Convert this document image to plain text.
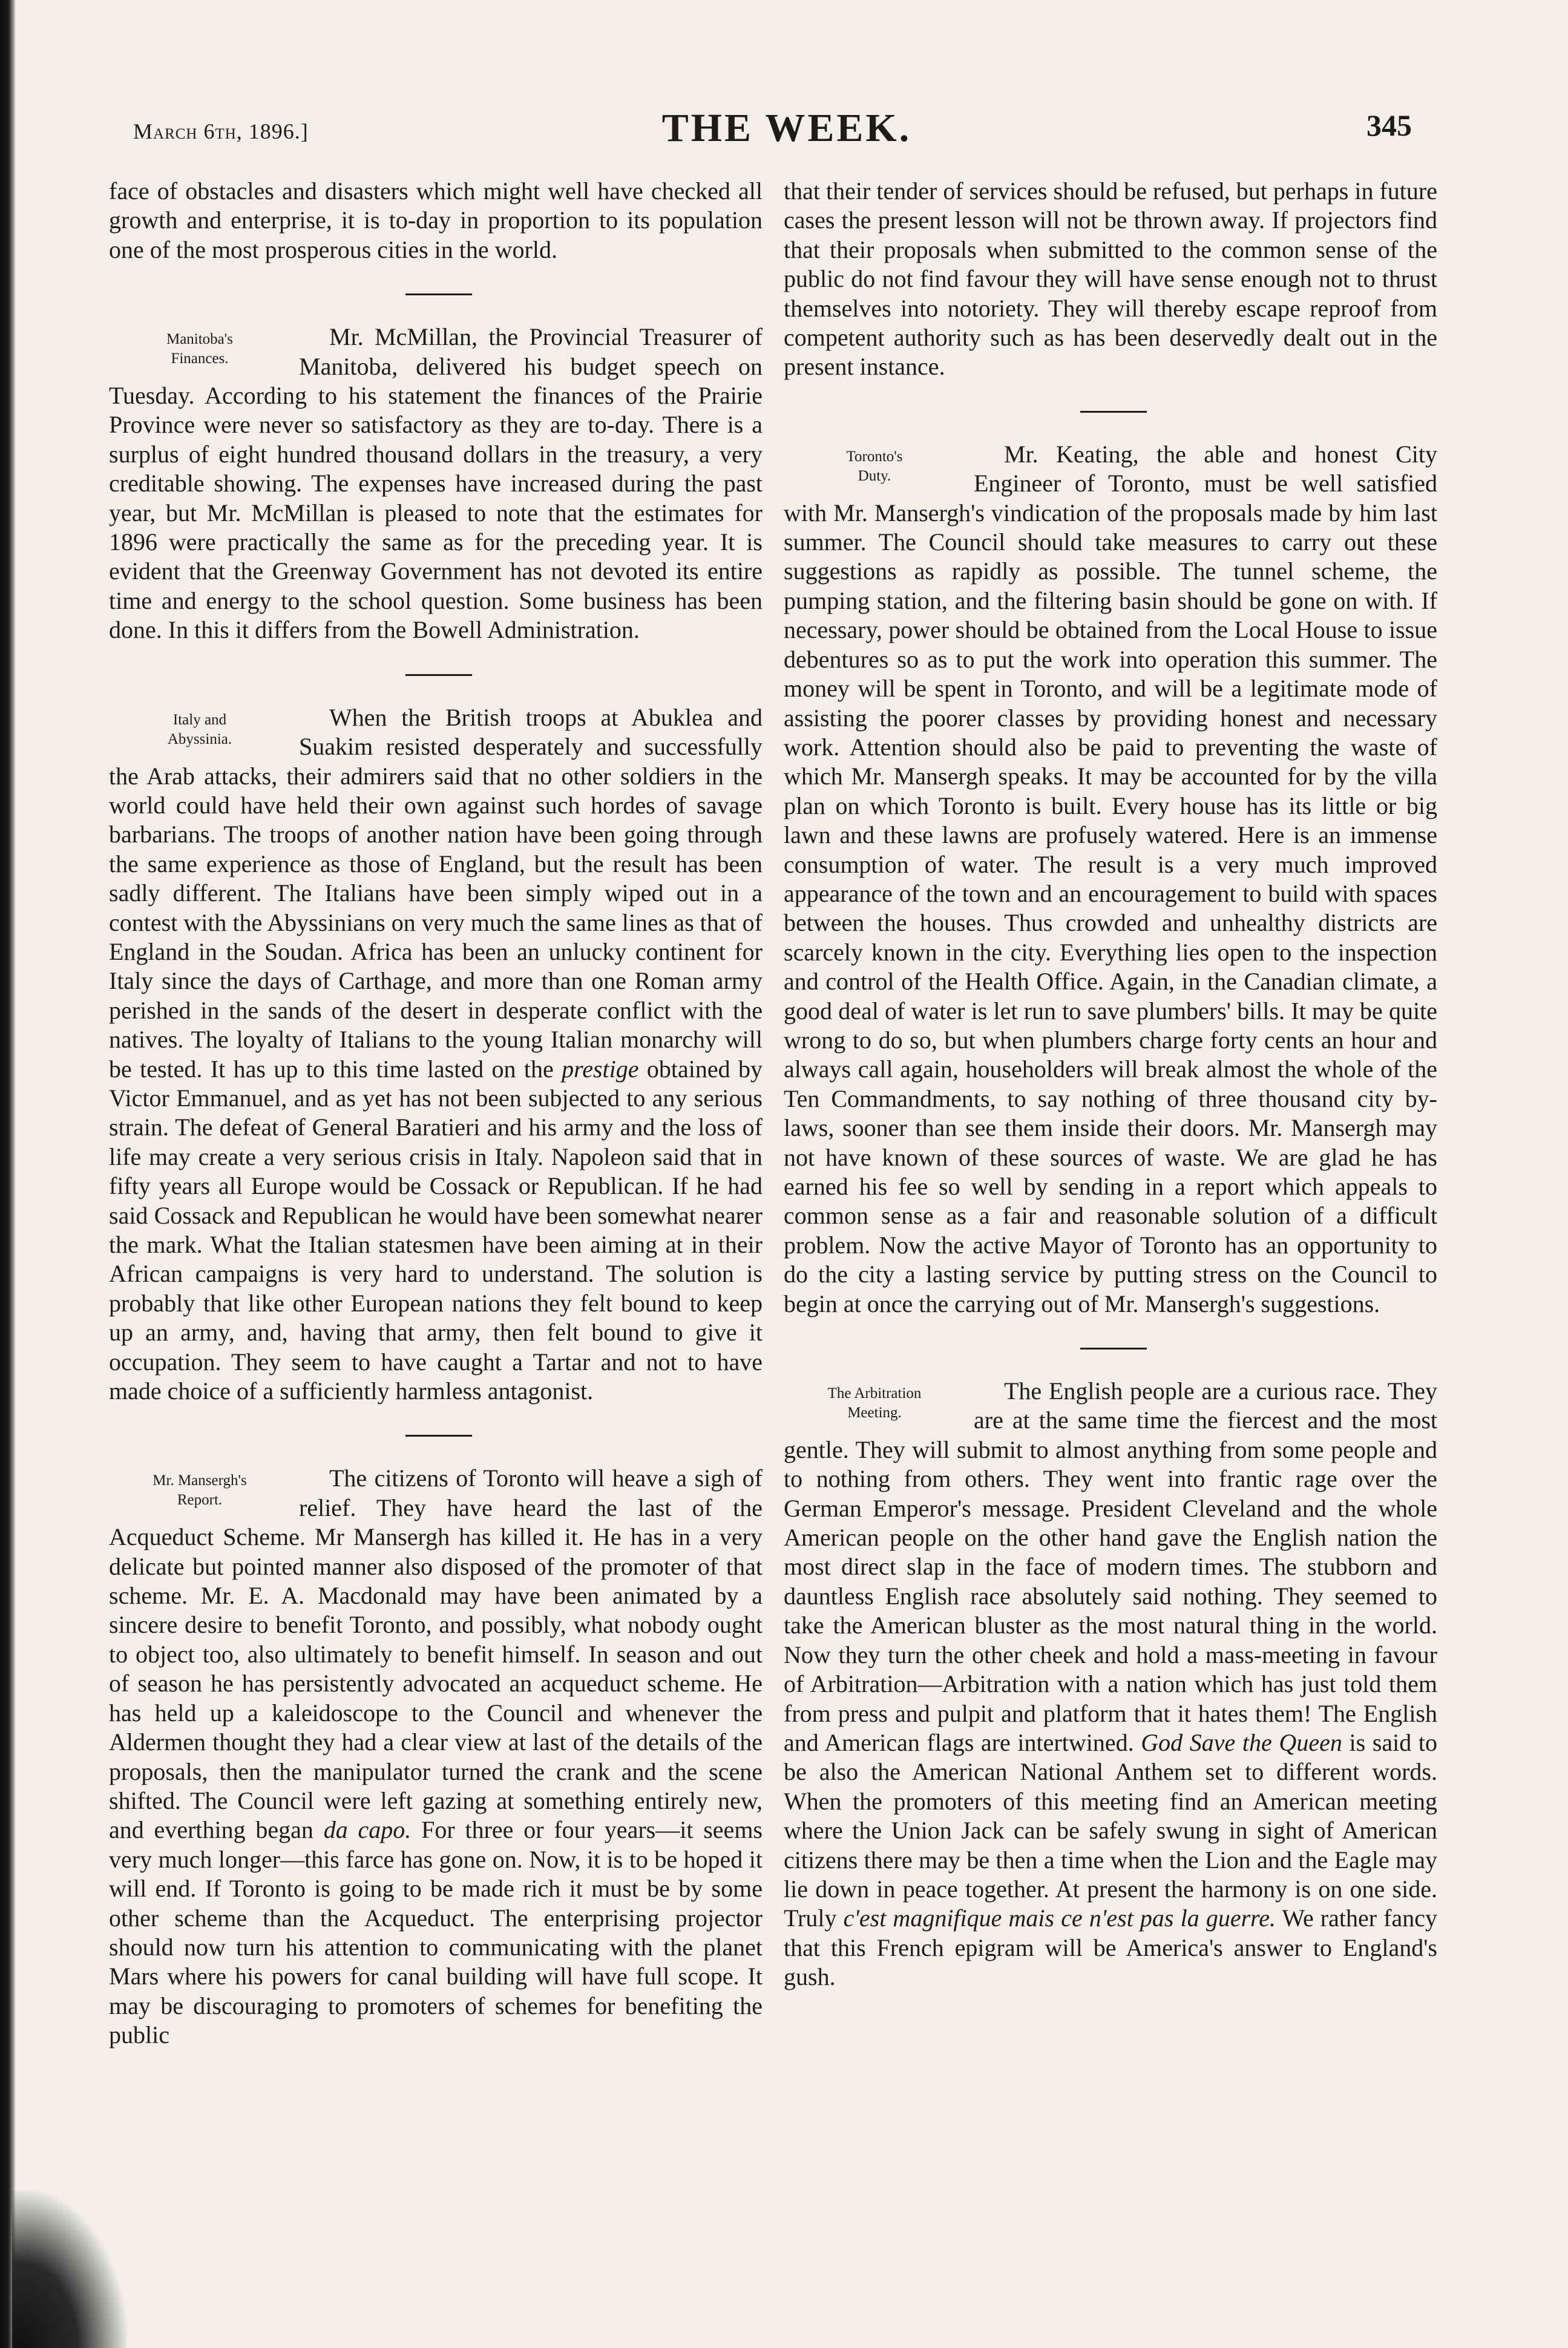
March 6th, 1896.]	THE WEEK.	345

face of obstacles and disasters which might well have checked all growth and enterprise, it is to-day in proportion to its population one of the most prosperous cities in the world.

Manitoba's
Finances.

Mr. McMillan, the Provincial Treasurer of Manitoba, delivered his budget speech on Tuesday. According to his statement the finances of the Prairie Province were never so satisfactory as they are to-day. There is a surplus of eight hundred thousand dollars in the treasury, a very creditable showing. The expenses have increased during the past year, but Mr. McMillan is pleased to note that the estimates for 1896 were practically the same as for the preceding year. It is evident that the Greenway Government has not devoted its entire time and energy to the school question. Some business has been done. In this it differs from the Bowell Administration.

Italy and
Abyssinia.

When the British troops at Abuklea and Suakim resisted desperately and successfully the Arab attacks, their admirers said that no other soldiers in the world could have held their own against such hordes of savage barbarians. The troops of another nation have been going through the same experience as those of England, but the result has been sadly different. The Italians have been simply wiped out in a contest with the Abyssinians on very much the same lines as that of England in the Soudan. Africa has been an unlucky continent for Italy since the days of Carthage, and more than one Roman army perished in the sands of the desert in desperate conflict with the natives. The loyalty of Italians to the young Italian monarchy will be tested. It has up to this time lasted on the prestige obtained by Victor Emmanuel, and as yet has not been subjected to any serious strain. The defeat of General Baratieri and his army and the loss of life may create a very serious crisis in Italy. Napoleon said that in fifty years all Europe would be Cossack or Republican. If he had said Cossack and Republican he would have been somewhat nearer the mark. What the Italian statesmen have been aiming at in their African campaigns is very hard to understand. The solution is probably that like other European nations they felt bound to keep up an army, and, having that army, then felt bound to give it occupation. They seem to have caught a Tartar and not to have made choice of a sufficiently harmless antagonist.

Mr. Mansergh's
Report.

The citizens of Toronto will heave a sigh of relief. They have heard the last of the Acqueduct Scheme. Mr Mansergh has killed it. He has in a very delicate but pointed manner also disposed of the promoter of that scheme. Mr. E. A. Macdonald may have been animated by a sincere desire to benefit Toronto, and possibly, what nobody ought to object too, also ultimately to benefit himself. In season and out of season he has persistently advocated an acqueduct scheme. He has held up a kaleidoscope to the Council and whenever the Aldermen thought they had a clear view at last of the details of the proposals, then the manipulator turned the crank and the scene shifted. The Council were left gazing at something entirely new, and everthing began da capo. For three or four years—it seems very much longer—this farce has gone on. Now, it is to be hoped it will end. If Toronto is going to be made rich it must be by some other scheme than the Acqueduct. The enterprising projector should now turn his attention to communicating with the planet Mars where his powers for canal building will have full scope. It may be discouraging to promoters of schemes for benefiting the public

that their tender of services should be refused, but perhaps in future cases the present lesson will not be thrown away. If projectors find that their proposals when submitted to the common sense of the public do not find favour they will have sense enough not to thrust themselves into notoriety. They will thereby escape reproof from competent authority such as has been deservedly dealt out in the present instance.

Toronto's
Duty.

Mr. Keating, the able and honest City Engineer of Toronto, must be well satisfied with Mr. Mansergh's vindication of the proposals made by him last summer. The Council should take measures to carry out these suggestions as rapidly as possible. The tunnel scheme, the pumping station, and the filtering basin should be gone on with. If necessary, power should be obtained from the Local House to issue debentures so as to put the work into operation this summer. The money will be spent in Toronto, and will be a legitimate mode of assisting the poorer classes by providing honest and necessary work. Attention should also be paid to preventing the waste of which Mr. Mansergh speaks. It may be accounted for by the villa plan on which Toronto is built. Every house has its little or big lawn and these lawns are profusely watered. Here is an immense consumption of water. The result is a very much improved appearance of the town and an encouragement to build with spaces between the houses. Thus crowded and unhealthy districts are scarcely known in the city. Everything lies open to the inspection and control of the Health Office. Again, in the Canadian climate, a good deal of water is let run to save plumbers' bills. It may be quite wrong to do so, but when plumbers charge forty cents an hour and always call again, householders will break almost the whole of the Ten Commandments, to say nothing of three thousand city by-laws, sooner than see them inside their doors. Mr. Mansergh may not have known of these sources of waste. We are glad he has earned his fee so well by sending in a report which appeals to common sense as a fair and reasonable solution of a difficult problem. Now the active Mayor of Toronto has an opportunity to do the city a lasting service by putting stress on the Council to begin at once the carrying out of Mr. Mansergh's suggestions.

The Arbitration
Meeting.

The English people are a curious race. They are at the same time the fiercest and the most gentle. They will submit to almost anything from some people and to nothing from others. They went into frantic rage over the German Emperor's message. President Cleveland and the whole American people on the other hand gave the English nation the most direct slap in the face of modern times. The stubborn and dauntless English race absolutely said nothing. They seemed to take the American bluster as the most natural thing in the world. Now they turn the other cheek and hold a mass-meeting in favour of Arbitration—Arbitration with a nation which has just told them from press and pulpit and platform that it hates them! The English and American flags are intertwined. God Save the Queen is said to be also the American National Anthem set to different words. When the promoters of this meeting find an American meeting where the Union Jack can be safely swung in sight of American citizens there may be then a time when the Lion and the Eagle may lie down in peace together. At present the harmony is on one side. Truly c'est magnifique mais ce n'est pas la guerre. We rather fancy that this French epigram will be America's answer to England's gush.
